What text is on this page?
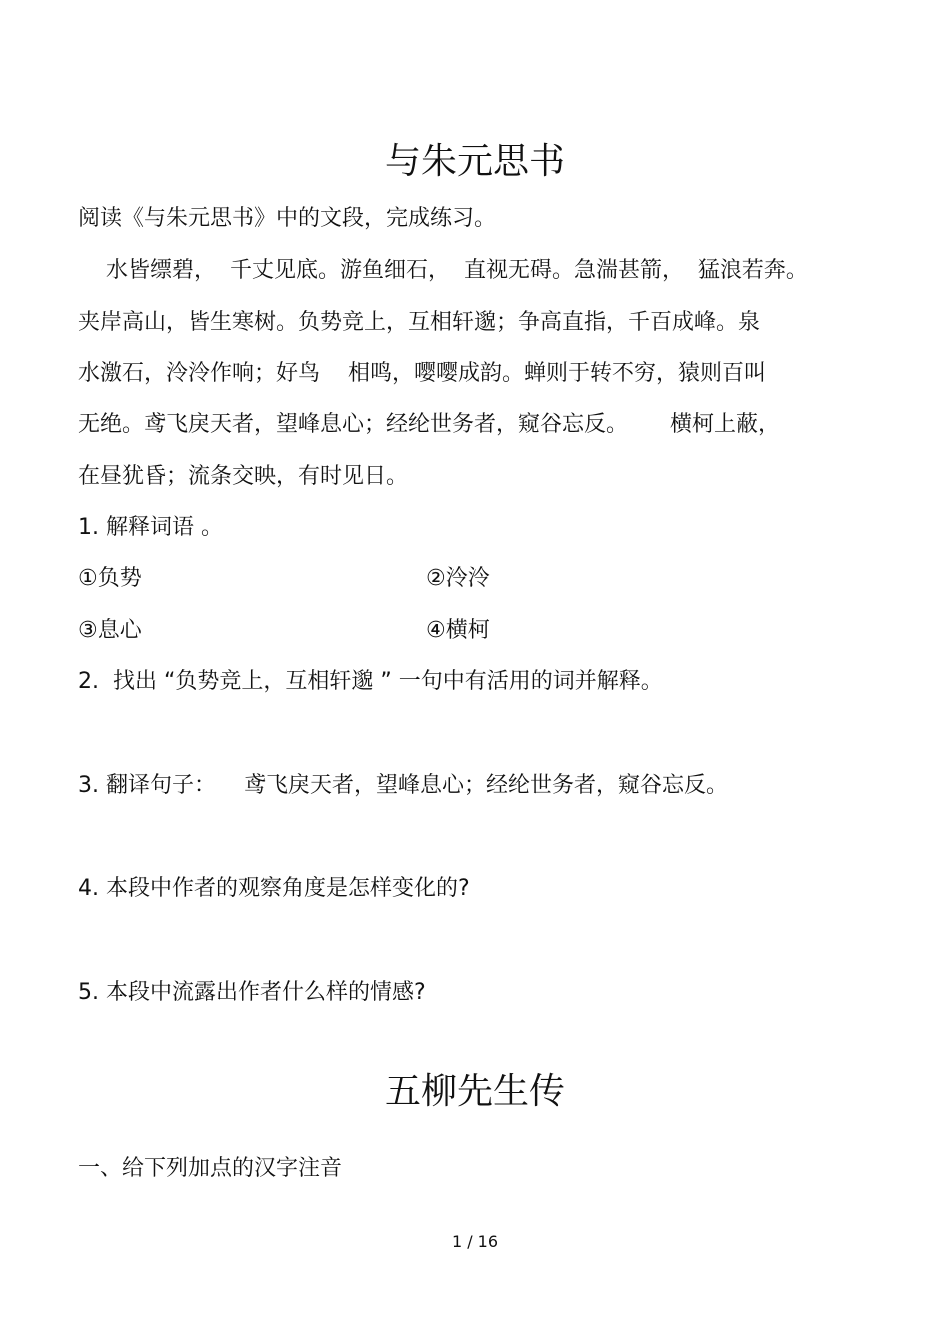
与朱元思书
阅读《与朱元思书》中的文段，完成练习。
水皆缥碧，  千丈见底。游鱼细石，  直视无碍。急湍甚箭，  猛浪若奔。
夹岸高山，皆生寒树。负势竞上，互相轩邈；争高直指，千百成峰。泉
水激石，泠泠作响；好鸟    相鸣，嘤嘤成韵。蝉则于转不穷，猿则百叫
无绝。鸢飞戾天者，望峰息心；经纶世务者，窥谷忘反。      横柯上蔽，
在昼犹昏；流条交映，有时见日。
1. 解释词语 。
①负势	②泠泠
③息心	④横柯
2.  找出 “负势竞上，互相轩邈 ” 一句中有活用的词并解释。
3. 翻译句子：    鸢飞戾天者，望峰息心；经纶世务者，窥谷忘反。
4. 本段中作者的观察角度是怎样变化的?
5. 本段中流露出作者什么样的情感?
五柳先生传
一、给下列加点的汉字注音
1 / 16
